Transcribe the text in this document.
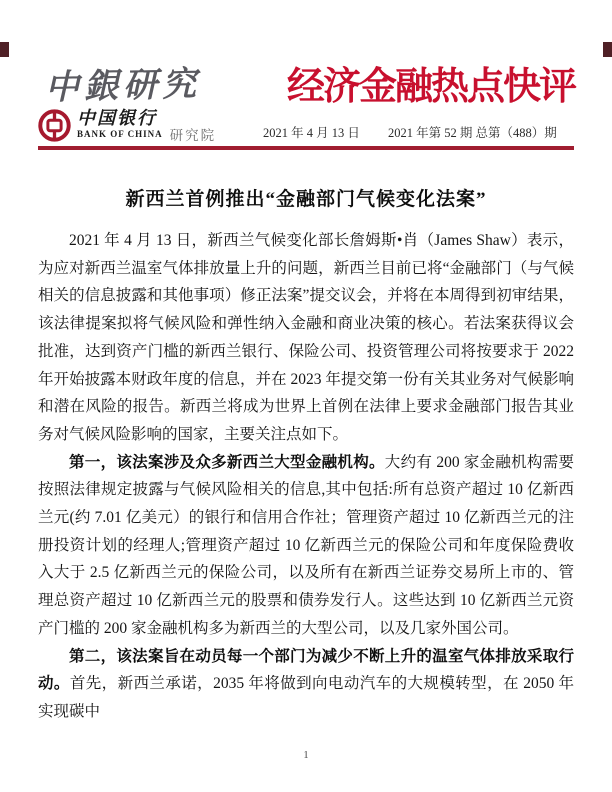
中銀研究 经济金融热点快评
中国银行
BANK OF CHINA 研究院	2021 年 4 月 13 日 2021 年第 52 期 总第（488）期
新西兰首例推出“金融部门气候变化法案”

2021 年 4 月 13 日，新西兰气候变化部长詹姆斯•肖（James Shaw）表示，为应对新西兰温室气体排放量上升的问题，新西兰目前已将“金融部门（与气候相关的信息披露和其他事项）修正法案”提交议会，并将在本周得到初审结果，该法律提案拟将气候风险和弹性纳入金融和商业决策的核心。若法案获得议会批准，达到资产门槛的新西兰银行、保险公司、投资管理公司将按要求于 2022 年开始披露本财政年度的信息，并在 2023 年提交第一份有关其业务对气候影响和潜在风险的报告。新西兰将成为世界上首例在法律上要求金融部门报告其业务对气候风险影响的国家，主要关注点如下。

第一，该法案涉及众多新西兰大型金融机构。大约有 200 家金融机构需要按照法律规定披露与气候风险相关的信息,其中包括:所有总资产超过 10 亿新西兰元(约 7.01 亿美元）的银行和信用合作社；管理资产超过 10 亿新西兰元的注册投资计划的经理人;管理资产超过 10 亿新西兰元的保险公司和年度保险费收入大于 2.5 亿新西兰元的保险公司，以及所有在新西兰证券交易所上市的、管理总资产超过 10 亿新西兰元的股票和债券发行人。这些达到 10 亿新西兰元资产门槛的 200 家金融机构多为新西兰的大型公司，以及几家外国公司。

第二，该法案旨在动员每一个部门为减少不断上升的温室气体排放采取行动。首先，新西兰承诺，2035 年将做到向电动汽车的大规模转型，在 2050 年实现碳中

1
